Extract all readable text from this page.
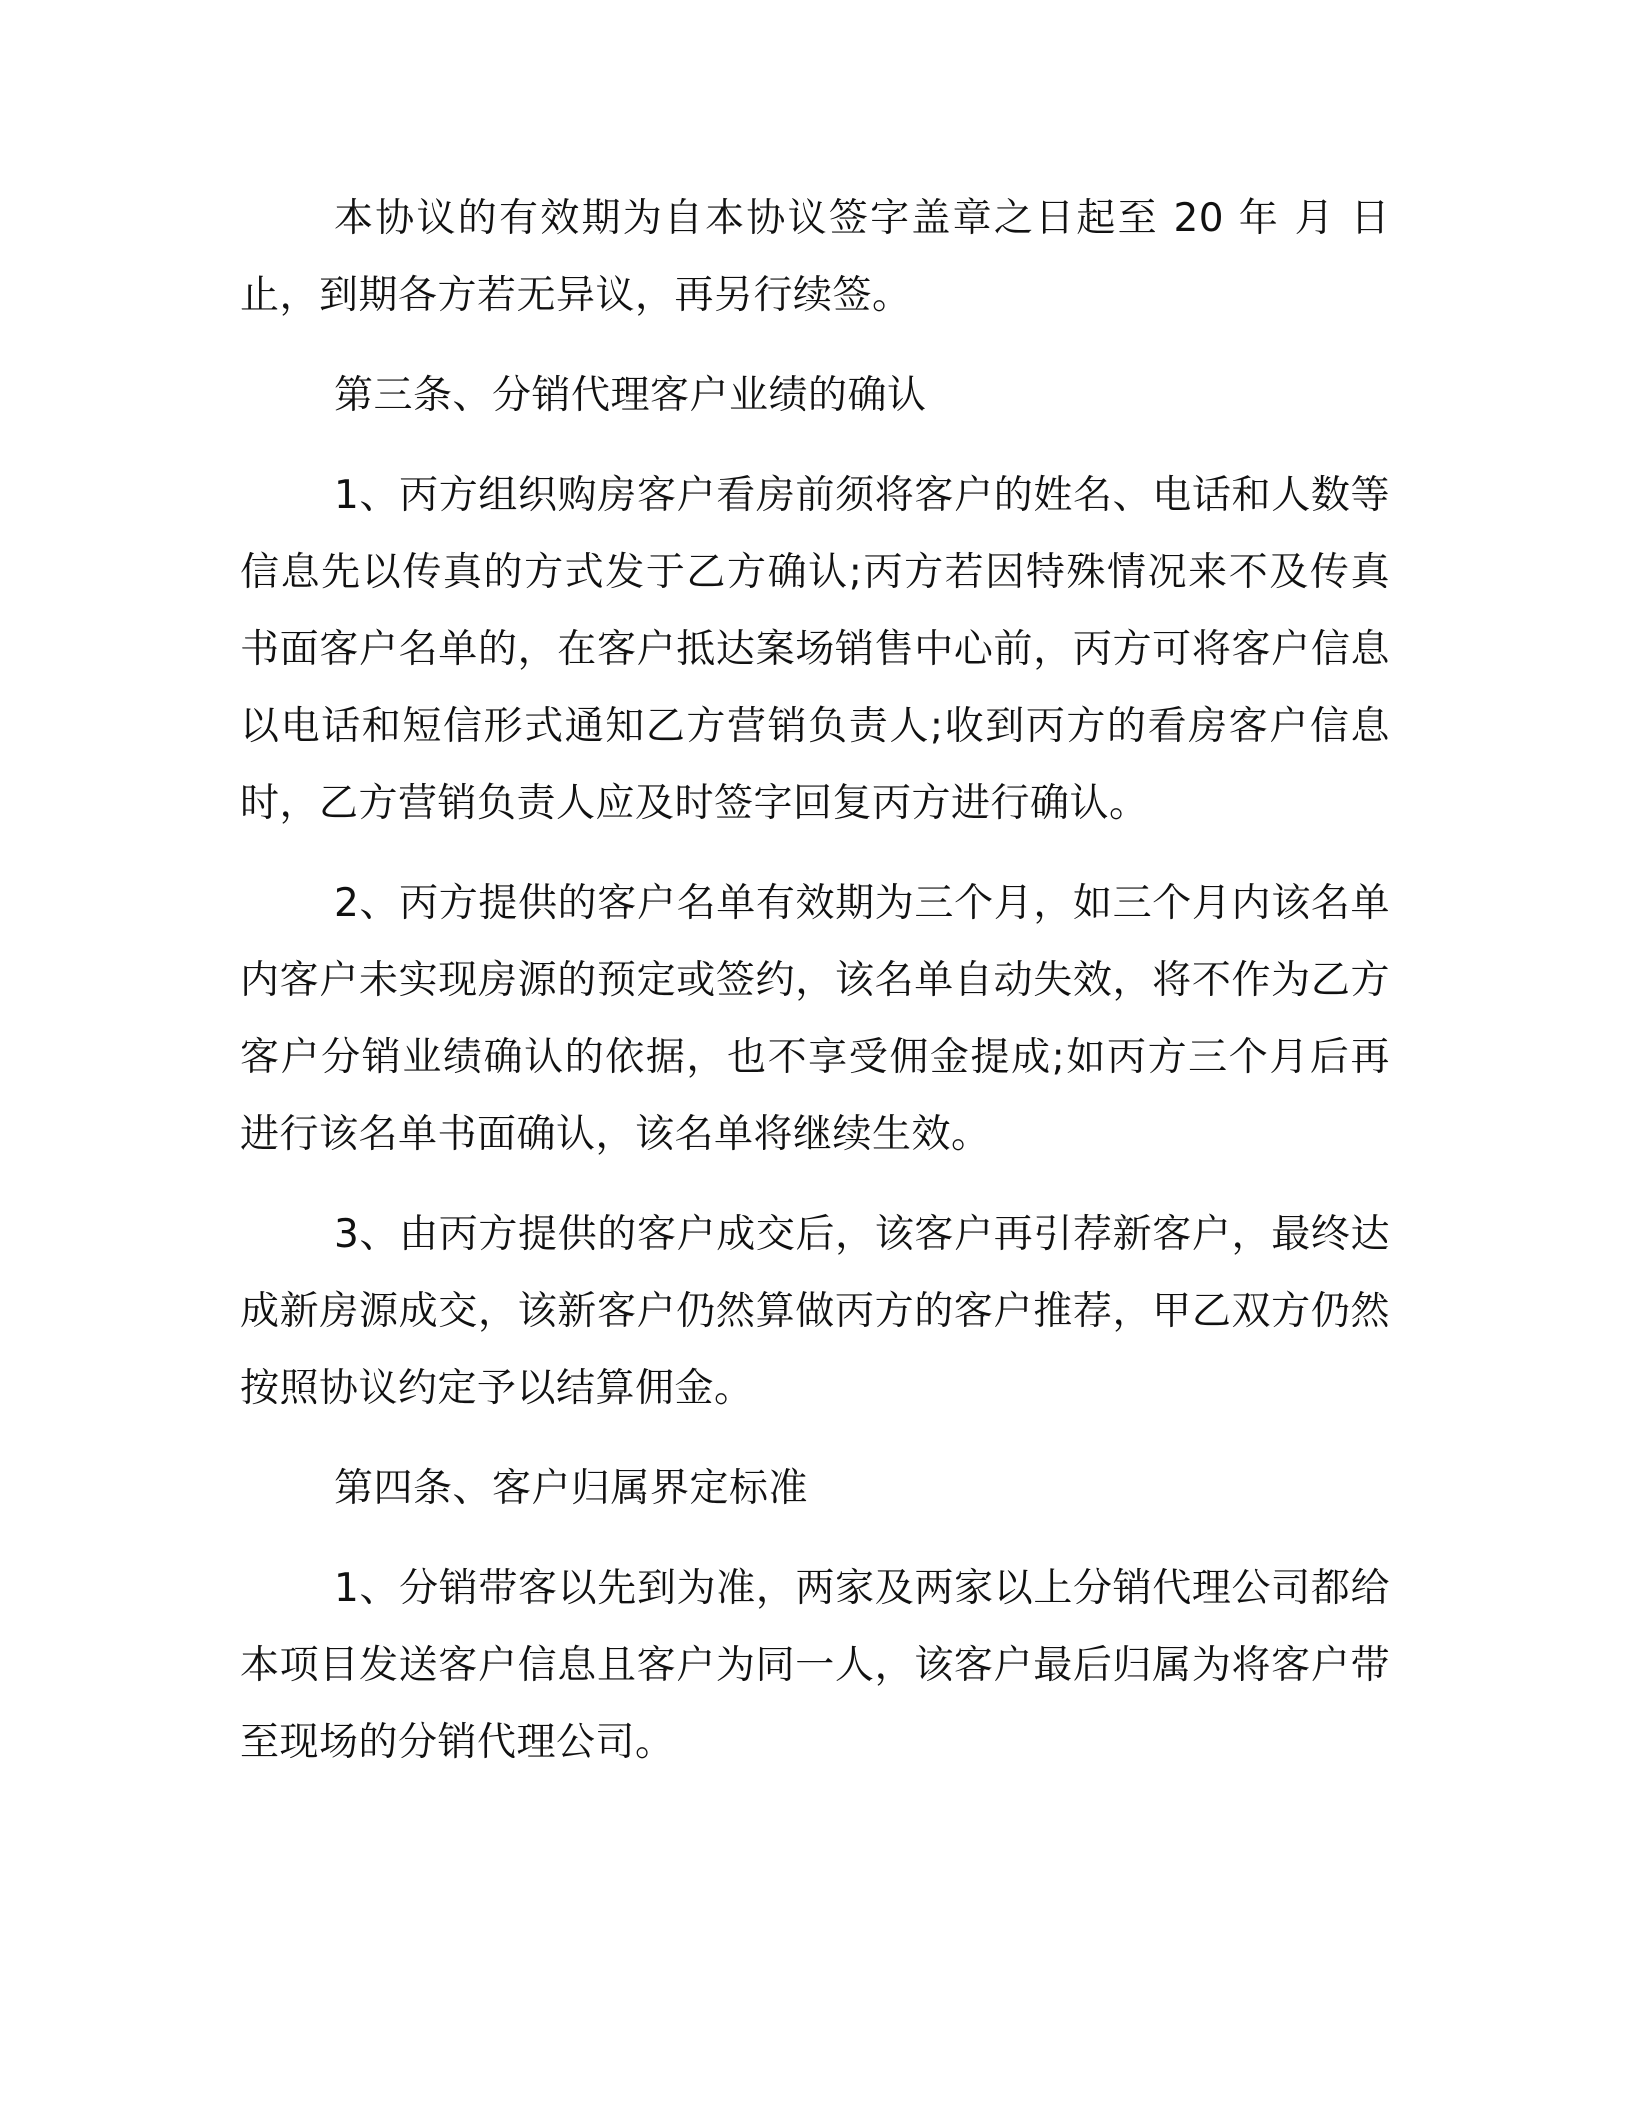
本协议的有效期为自本协议签字盖章之日起至 20 年 月 日止，到期各方若无异议，再另行续签。

第三条、分销代理客户业绩的确认

1、丙方组织购房客户看房前须将客户的姓名、电话和人数等信息先以传真的方式发于乙方确认;丙方若因特殊情况来不及传真书面客户名单的，在客户抵达案场销售中心前，丙方可将客户信息以电话和短信形式通知乙方营销负责人;收到丙方的看房客户信息时，乙方营销负责人应及时签字回复丙方进行确认。

2、丙方提供的客户名单有效期为三个月，如三个月内该名单内客户未实现房源的预定或签约，该名单自动失效，将不作为乙方客户分销业绩确认的依据，也不享受佣金提成;如丙方三个月后再进行该名单书面确认，该名单将继续生效。

3、由丙方提供的客户成交后，该客户再引荐新客户，最终达成新房源成交，该新客户仍然算做丙方的客户推荐，甲乙双方仍然按照协议约定予以结算佣金。

第四条、客户归属界定标准

1、分销带客以先到为准，两家及两家以上分销代理公司都给本项目发送客户信息且客户为同一人，该客户最后归属为将客户带至现场的分销代理公司。
